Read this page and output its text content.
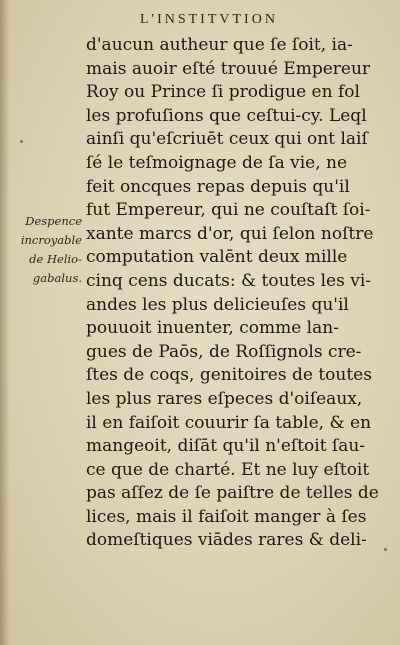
L'INSTITVTION
Despence
incroyable
de Helio-
gabalus.
d'aucun autheur que ſe ſoit, ia-
mais auoir eſté trouué Empereur
Roy ou Prince ſi prodigue en fol
les profuſions que ceſtui-cy. Leql
ainſi qu'eſcriuēt ceux qui ont laiſ
ſé le teſmoignage de ſa vie, ne
feit oncques repas depuis qu'il
fut Empereur, qui ne couſtaſt ſoi-
xante marcs d'or, qui ſelon noſtre
computation valēnt deux mille
cinq cens ducats: & toutes les vi-
andes les plus delicieuſes qu'il
pouuoit inuenter, comme lan-
gues de Paōs, de Roſſignols cre-
ſtes de coqs, genitoires de toutes
les plus rares eſpeces d'oiſeaux,
il en faiſoit couurir ſa table, & en
mangeoit, diſāt qu'il n'eſtoit ſau-
ce que de charté. Et ne luy eſtoit
pas aſſez de ſe paiſtre de telles de
lices, mais il faiſoit manger à ſes
domeſtiques viādes rares & deli-
